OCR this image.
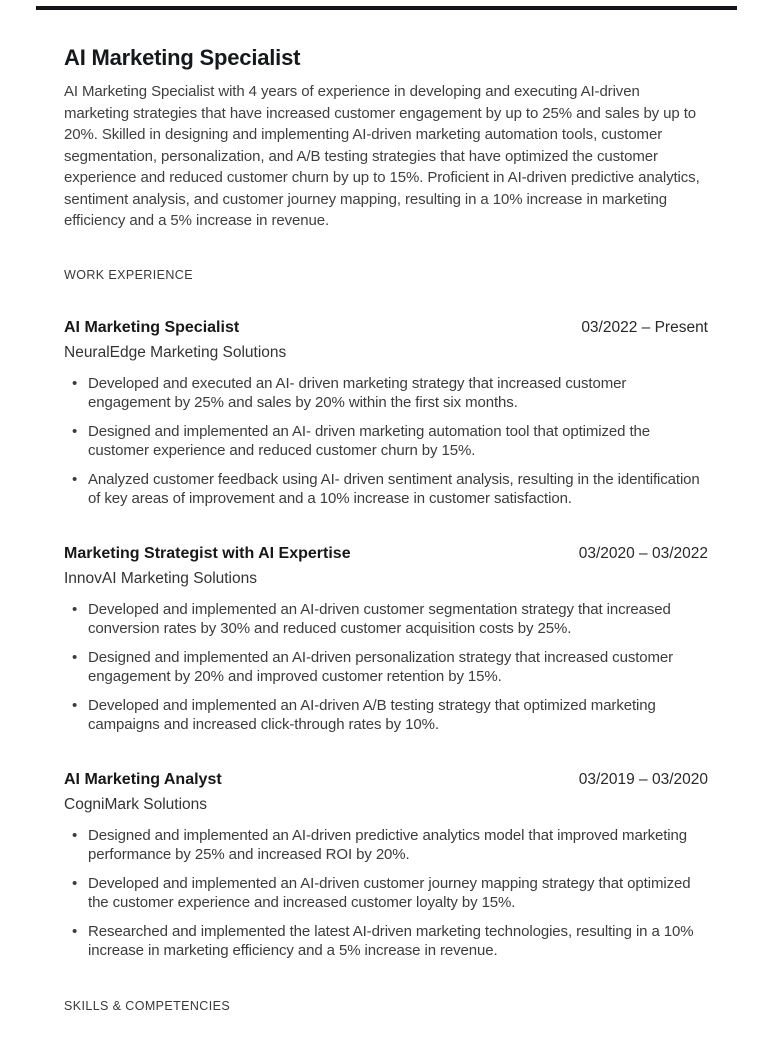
AI Marketing Specialist

AI Marketing Specialist with 4 years of experience in developing and executing AI-driven marketing strategies that have increased customer engagement by up to 25% and sales by up to 20%. Skilled in designing and implementing AI-driven marketing automation tools, customer segmentation, personalization, and A/B testing strategies that have optimized the customer experience and reduced customer churn by up to 15%. Proficient in AI-driven predictive analytics, sentiment analysis, and customer journey mapping, resulting in a 10% increase in marketing efficiency and a 5% increase in revenue.

WORK EXPERIENCE
AI Marketing Specialist	03/2022 – Present
NeuralEdge Marketing Solutions
• Developed and executed an AI- driven marketing strategy that increased customer engagement by 25% and sales by 20% within the first six months.
• Designed and implemented an AI- driven marketing automation tool that optimized the customer experience and reduced customer churn by 15%.
• Analyzed customer feedback using AI- driven sentiment analysis, resulting in the identification of key areas of improvement and a 10% increase in customer satisfaction.
Marketing Strategist with AI Expertise	03/2020 – 03/2022
InnovAI Marketing Solutions
• Developed and implemented an AI-driven customer segmentation strategy that increased conversion rates by 30% and reduced customer acquisition costs by 25%.
• Designed and implemented an AI-driven personalization strategy that increased customer engagement by 20% and improved customer retention by 15%.
• Developed and implemented an AI-driven A/B testing strategy that optimized marketing campaigns and increased click-through rates by 10%.
AI Marketing Analyst	03/2019 – 03/2020
CogniMark Solutions
• Designed and implemented an AI-driven predictive analytics model that improved marketing performance by 25% and increased ROI by 20%.
• Developed and implemented an AI-driven customer journey mapping strategy that optimized the customer experience and increased customer loyalty by 15%.
• Researched and implemented the latest AI-driven marketing technologies, resulting in a 10% increase in marketing efficiency and a 5% increase in revenue.
SKILLS & COMPETENCIES
